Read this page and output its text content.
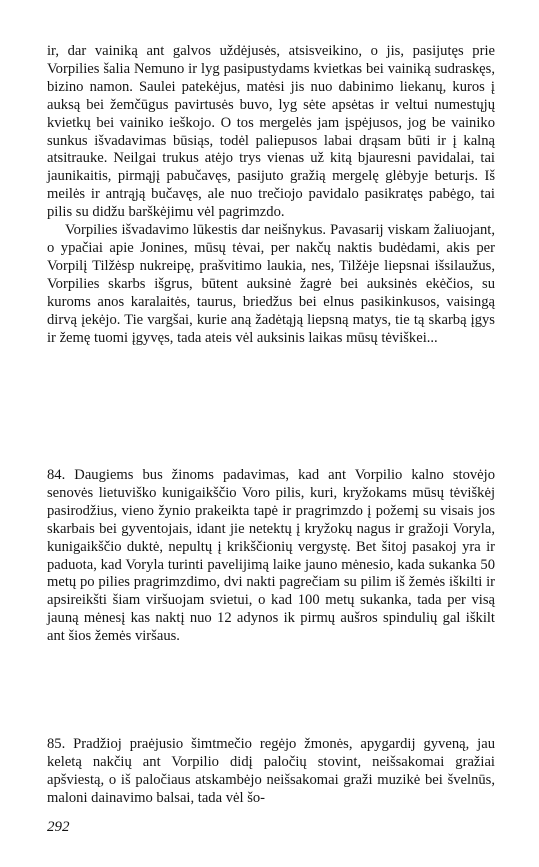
ir, dar vainiką ant galvos uždėjusės, atsisveikino, o jis, pasijutęs prie Vorpilies šalia Nemuno ir lyg pasipustydams kvietkas bei vainiką sudraskęs, bizino namon. Saulei patekėjus, matėsi jis nuo dabinimo liekanų, kuros į auksą bei žemčūgus pavirtusės buvo, lyg sėte apsėtas ir veltui numestųjų kvietkų bei vainiko ieškojo. O tos mergelės jam įspėjusos, jog be vainiko sunkus išvadavimas būsiąs, todėl paliepusos labai drąsam būti ir į kalną atsitrauke. Neilgai trukus atėjo trys vienas už kitą bjauresni pavidalai, tai jaunikaitis, pirmąjį pabučavęs, pasijuto gražią mergelę glėbyje beturįs. Iš meilės ir antrąją bučavęs, ale nuo trečiojo pavidalo pasikratęs pabėgo, tai pilis su didžu barškėjimu vėl pagrimzdo.

Vorpilies išvadavimo lūkestis dar neišnykus. Pavasarij viskam žaliuojant, o ypačiai apie Jonines, mūsų tėvai, per nakčų naktis budėdami, akis per Vorpilį Tilžėsp nukreipę, prašvitimo laukia, nes, Tilžėje liepsnai išsilaužus, Vorpilies skarbs išgrus, būtent auksinė žagrė bei auksinės ekėčios, su kuroms anos karalaitės, taurus, briedžus bei elnus pasikinkusos, vaisingą dirvą įekėjo. Tie vargšai, kurie aną žadėtąją liepsną matys, tie tą skarbą įgys ir žemę tuomi įgyvęs, tada ateis vėl auksinis laikas mūsų tėviškei...

84. Daugiems bus žinoms padavimas, kad ant Vorpilio kalno stovėjo senovės lietuviško kunigaikščio Voro pilis, kuri, kryžokams mūsų tėviškėj pasirodžius, vieno žynio prakeikta tapė ir pragrimzdo į požemį su visais jos skarbais bei gyventojais, idant jie netektų į kryžokų nagus ir gražoji Voryla, kunigaikščio duktė, nepultų į krikščionių vergystę. Bet šitoj pasakoj yra ir paduota, kad Voryla turinti pavelijimą laike jauno mėnesio, kada sukanka 50 metų po pilies pragrimzdimo, dvi nakti pagrečiam su pilim iš žemės iškilti ir apsireikšti šiam viršuojam svietui, o kad 100 metų sukanka, tada per visą jauną mėnesį kas naktį nuo 12 adynos ik pirmų aušros spindulių gal iškilt ant šios žemės viršaus.

85. Pradžioj praėjusio šimtmečio regėjo žmonės, apygardij gyveną, jau keletą nakčių ant Vorpilio didį paločių stovint, neišsakomai gražiai apšviestą, o iš paločiaus atskambėjo neišsakomai graži muzikė bei švelnūs, maloni dainavimo balsai, tada vėl šo-

292
